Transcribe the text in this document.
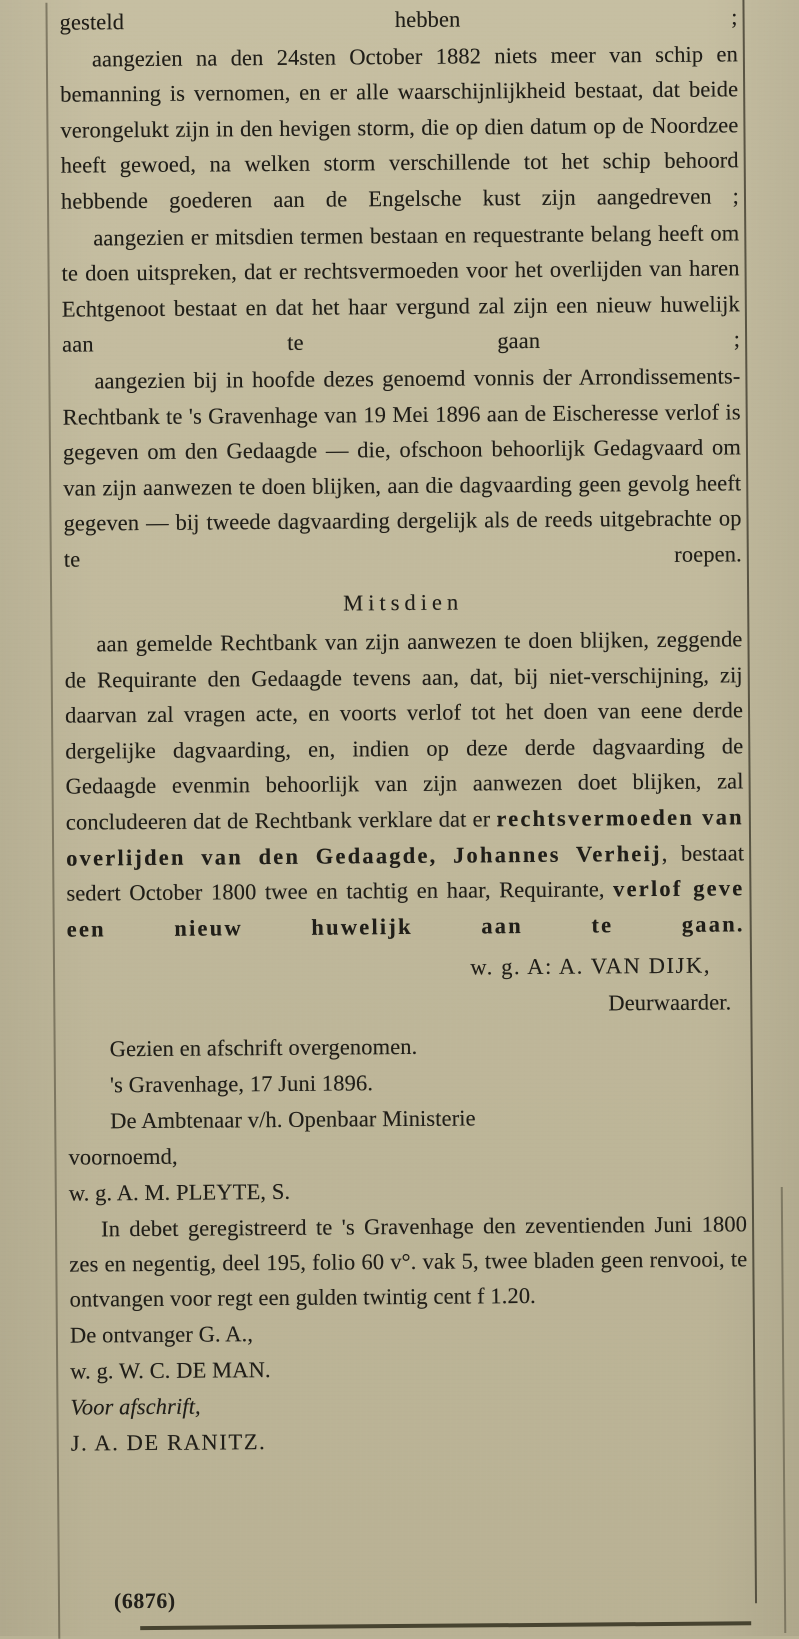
gesteld hebben ;

aangezien na den 24sten October 1882 niets meer van schip en bemanning is vernomen, en er alle waarschijnlijkheid bestaat, dat beide verongelukt zijn in den hevigen storm, die op dien datum op de Noordzee heeft gewoed, na welken storm verschillende tot het schip behoord hebbende goederen aan de Engelsche kust zijn aangedreven ;

aangezien er mitsdien termen bestaan en requestrante belang heeft om te doen uitspreken, dat er rechtsvermoeden voor het overlijden van haren Echtgenoot bestaat en dat het haar vergund zal zijn een nieuw huwelijk aan te gaan ;

aangezien bij in hoofde dezes genoemd vonnis der Arrondissements-Rechtbank te 's Gravenhage van 19 Mei 1896 aan de Eischeresse verlof is gegeven om den Gedaagde — die, ofschoon behoorlijk Gedagvaard om van zijn aanwezen te doen blijken, aan die dagvaarding geen gevolg heeft gegeven — bij tweede dagvaarding dergelijk als de reeds uitgebrachte op te roepen.

Mitsdien

aan gemelde Rechtbank van zijn aanwezen te doen blijken, zeggende de Requirante den Gedaagde tevens aan, dat, bij niet-verschijning, zij daarvan zal vragen acte, en voorts verlof tot het doen van eene derde dergelijke dagvaarding, en, indien op deze derde dagvaarding de Gedaagde evenmin behoorlijk van zijn aanwezen doet blijken, zal concludeeren dat de Rechtbank verklare dat er rechtsvermoeden van overlijden van den Gedaagde, Johannes Verheij, bestaat sedert October 1800 twee en tachtig en haar, Requirante, verlof geve een nieuw huwelijk aan te gaan.

w. g. A: A. VAN DIJK,

Deurwaarder.

Gezien en afschrift overgenomen.

's Gravenhage, 17 Juni 1896.

De Ambtenaar v/h. Openbaar Ministerie

voornoemd,

w. g. A. M. PLEYTE, S.

In debet geregistreerd te 's Gravenhage den zeventienden Juni 1800 zes en negentig, deel 195, folio 60 v°. vak 5, twee bladen geen renvooi, te ontvangen voor regt een gulden twintig cent f 1.20.

De ontvanger G. A.,

w. g. W. C. DE MAN.

Voor afschrift,

J. A. DE RANITZ.

(6876)
